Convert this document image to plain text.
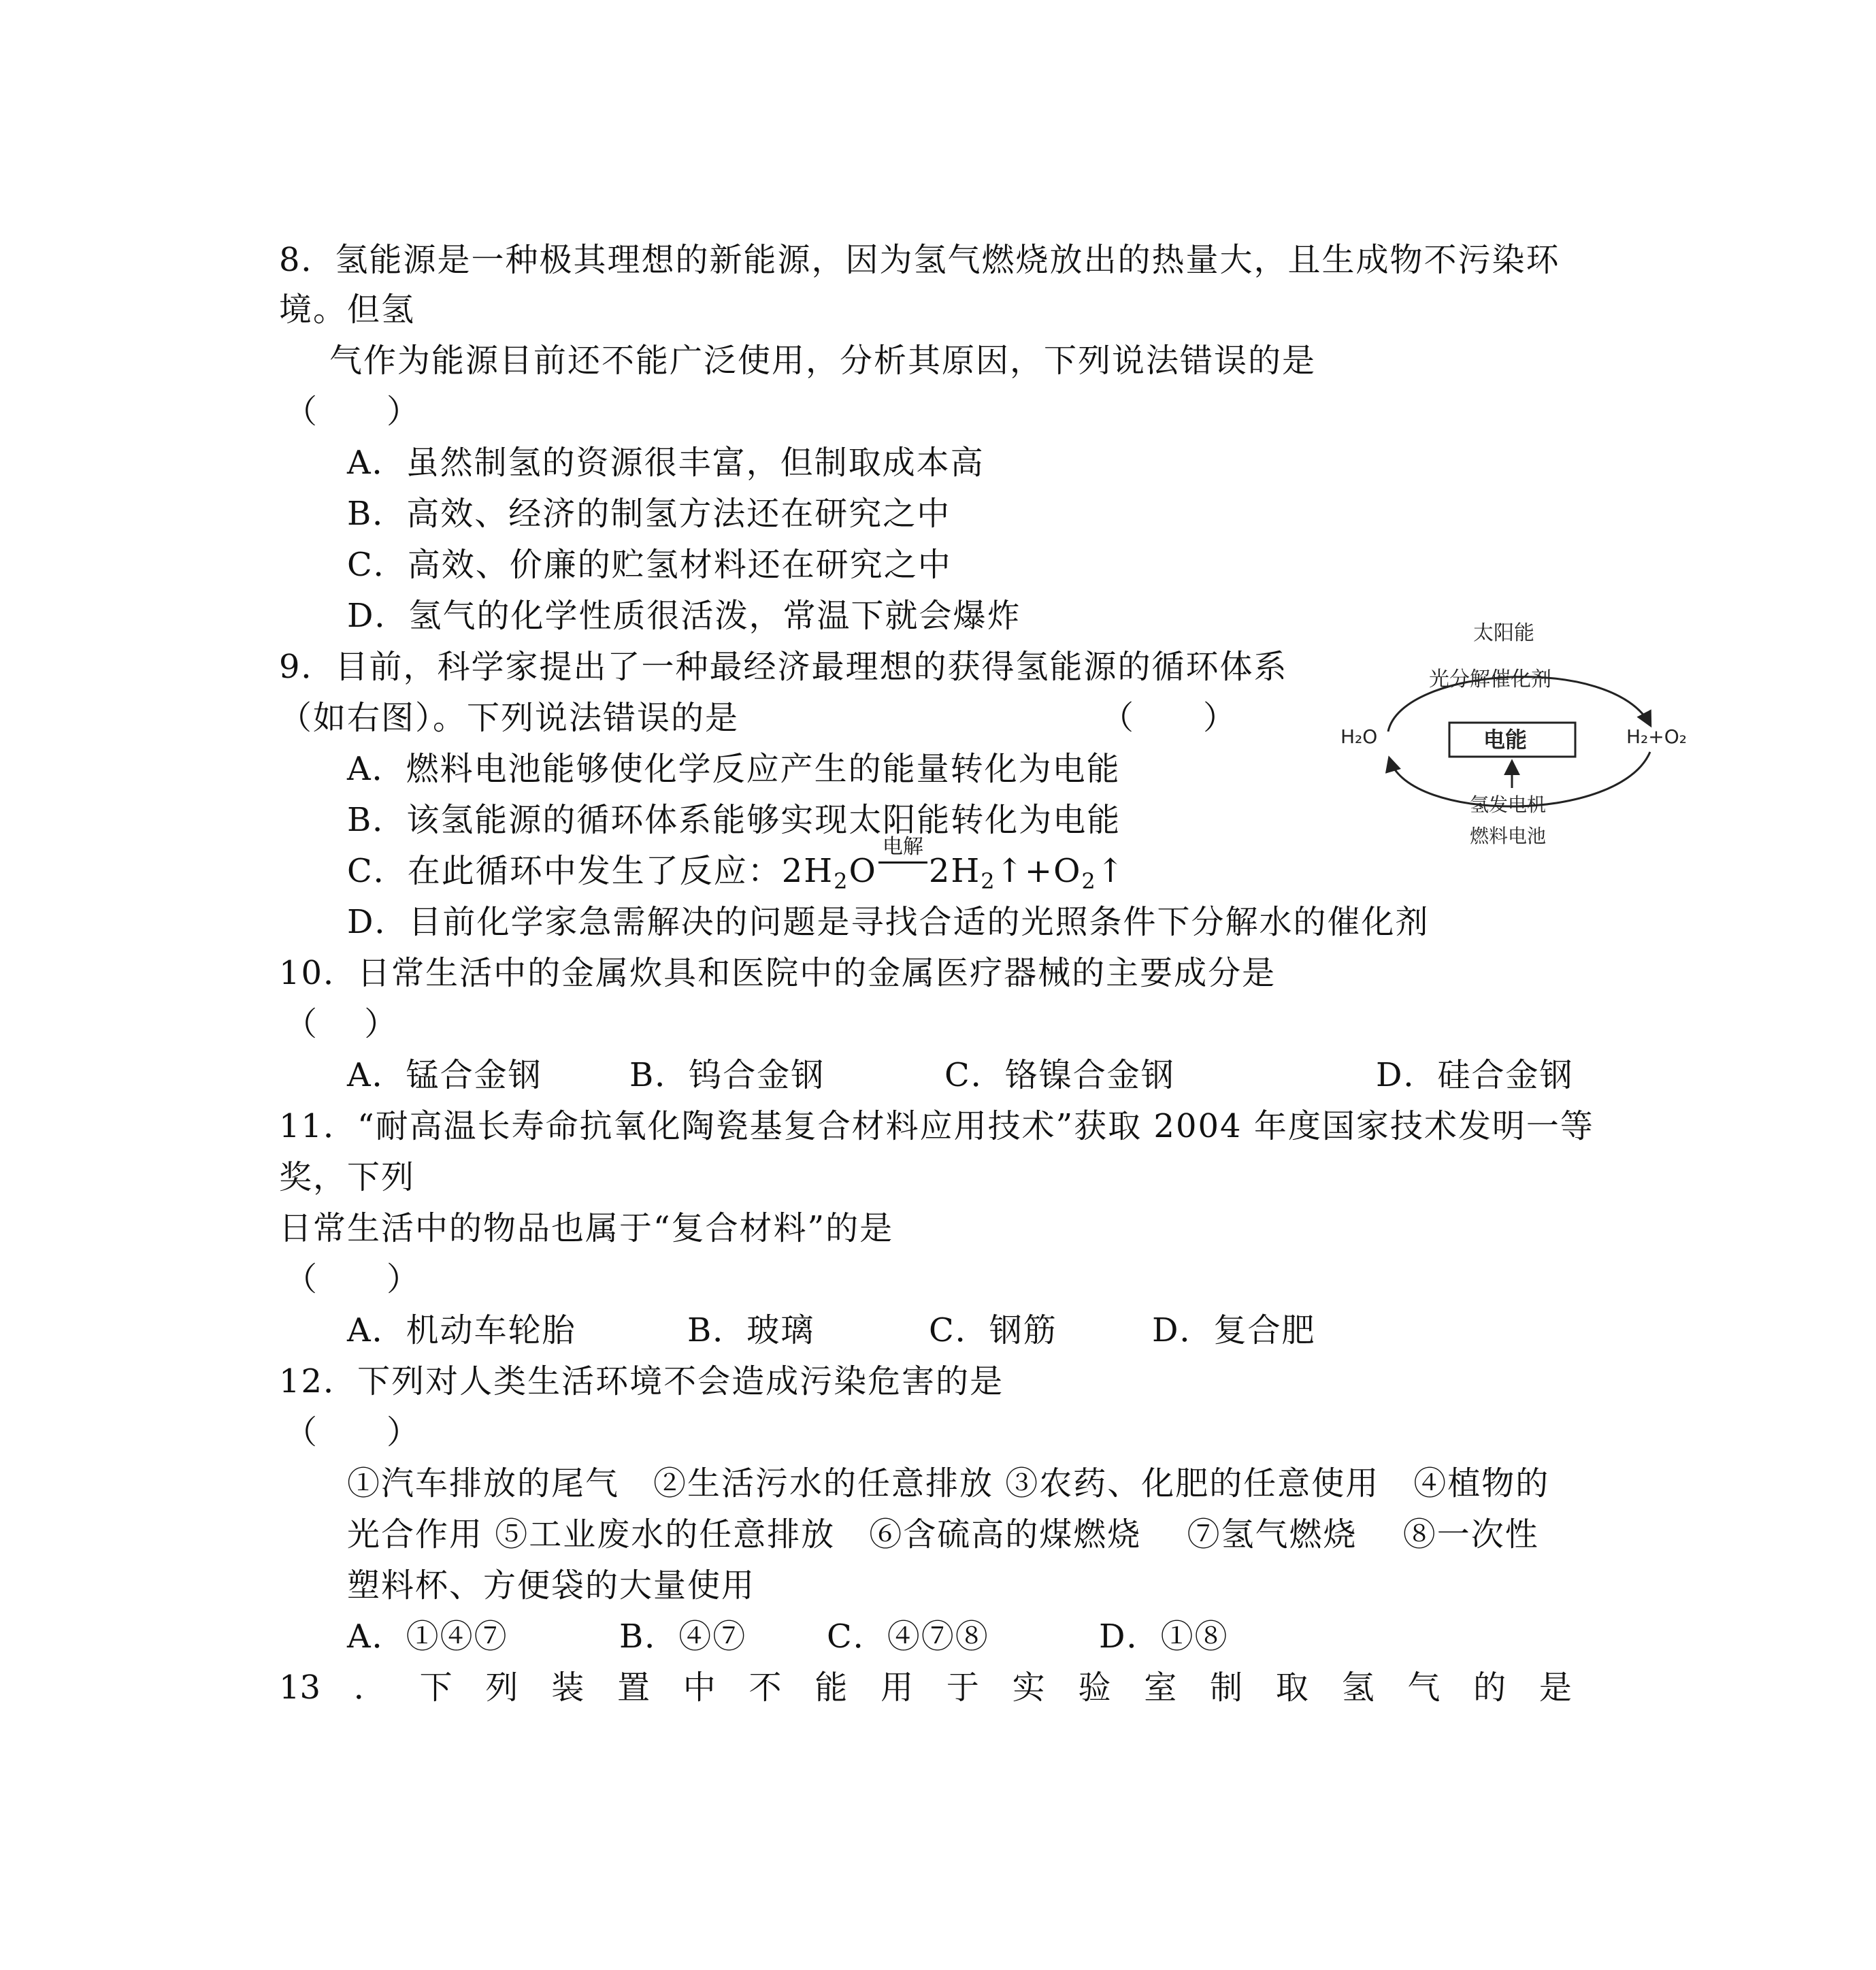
8．氢能源是一种极其理想的新能源，因为氢气燃烧放出的热量大，且生成物不污染环
境。但氢
气作为能源目前还不能广泛使用，分析其原因，下列说法错误的是
（　　）
A．虽然制氢的资源很丰富，但制取成本高
B．高效、经济的制氢方法还在研究之中
C．高效、价廉的贮氢材料还在研究之中
D．氢气的化学性质很活泼，常温下就会爆炸
9．目前，科学家提出了一种最经济最理想的获得氢能源的循环体系
（如右图）。下列说法错误的是	（　　）
A．燃料电池能够使化学反应产生的能量转化为电能
B．该氢能源的循环体系能够实现太阳能转化为电能
C．在此循环中发生了反应：$2H_2O$
电解
$2H_2↑+O_2↑$
D．目前化学家急需解决的问题是寻找合适的光照条件下分解水的催化剂
太阳能
光分解催化剂
H₂O	H₂+O₂
电能
氢发电机
燃料电池
10．日常生活中的金属炊具和医院中的金属医疗器械的主要成分是
（　 ）
A．锰合金钢	B．钨合金钢	C．铬镍合金钢	D．硅合金钢
11．“耐高温长寿命抗氧化陶瓷基复合材料应用技术”获取 2004 年度国家技术发明一等
奖，下列
日常生活中的物品也属于“复合材料”的是
（　　）
A．机动车轮胎	B．玻璃	C．钢筋	D．复合肥
12．下列对人类生活环境不会造成污染危害的是
（　　）
①汽车排放的尾气　②生活污水的任意排放 ③农药、化肥的任意使用　④植物的
光合作用 ⑤工业废水的任意排放　⑥含硫高的煤燃烧　 ⑦氢气燃烧　 ⑧一次性
塑料杯、方便袋的大量使用
A．①④⑦	B．④⑦ C．④⑦⑧	D．①⑧
13 ． 下 列 装 置 中 不 能 用 于 实 验 室 制 取 氢 气 的 是
